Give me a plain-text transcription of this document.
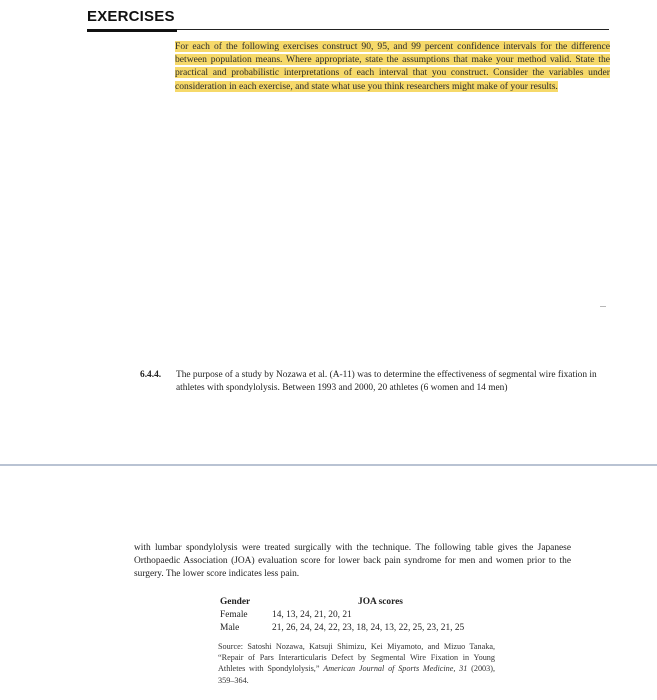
EXERCISES
For each of the following exercises construct 90, 95, and 99 percent confidence intervals for the difference between population means. Where appropriate, state the assumptions that make your method valid. State the practical and probabilistic interpretations of each interval that you construct. Consider the variables under consideration in each exercise, and state what use you think researchers might make of your results.
...
6.4.4. The purpose of a study by Nozawa et al. (A-11) was to determine the effectiveness of segmental wire fixation in athletes with spondylolysis. Between 1993 and 2000, 20 athletes (6 women and 14 men)
with lumbar spondylolysis were treated surgically with the technique. The following table gives the Japanese Orthopaedic Association (JOA) evaluation score for lower back pain syndrome for men and women prior to the surgery. The lower score indicates less pain.
Gender	JOA scores
Female	14, 13, 24, 21, 20, 21
Male	21, 26, 24, 24, 22, 23, 18, 24, 13, 22, 25, 23, 21, 25
Source: Satoshi Nozawa, Katsuji Shimizu, Kei Miyamoto, and Mizuo Tanaka, “Repair of Pars Interarticularis Defect by Segmental Wire Fixation in Young Athletes with Spondylolysis,” American Journal of Sports Medicine, 31 (2003), 359–364.
